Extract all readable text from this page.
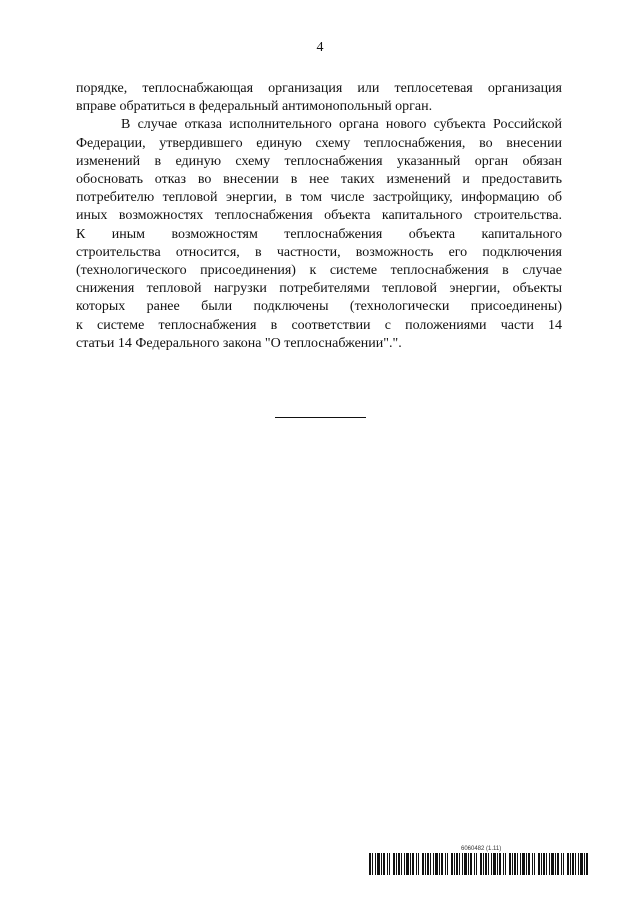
4
порядке, теплоснабжающая организация или теплосетевая организация
вправе обратиться в федеральный антимонопольный орган.
В случае отказа исполнительного органа нового субъекта Российской
Федерации, утвердившего единую схему теплоснабжения, во внесении
изменений в единую схему теплоснабжения указанный орган обязан
обосновать отказ во внесении в нее таких изменений и предоставить
потребителю тепловой энергии, в том числе застройщику, информацию об
иных возможностях теплоснабжения объекта капитального строительства.
К иным возможностям теплоснабжения объекта капитального
строительства относится, в частности, возможность его подключения
(технологического присоединения) к системе теплоснабжения в случае
снижения тепловой нагрузки потребителями тепловой энергии, объекты
которых ранее были подключены (технологически присоединены)
к системе теплоснабжения в соответствии с положениями части 14
статьи 14 Федерального закона "О теплоснабжении".".
6060482 (1.11)
